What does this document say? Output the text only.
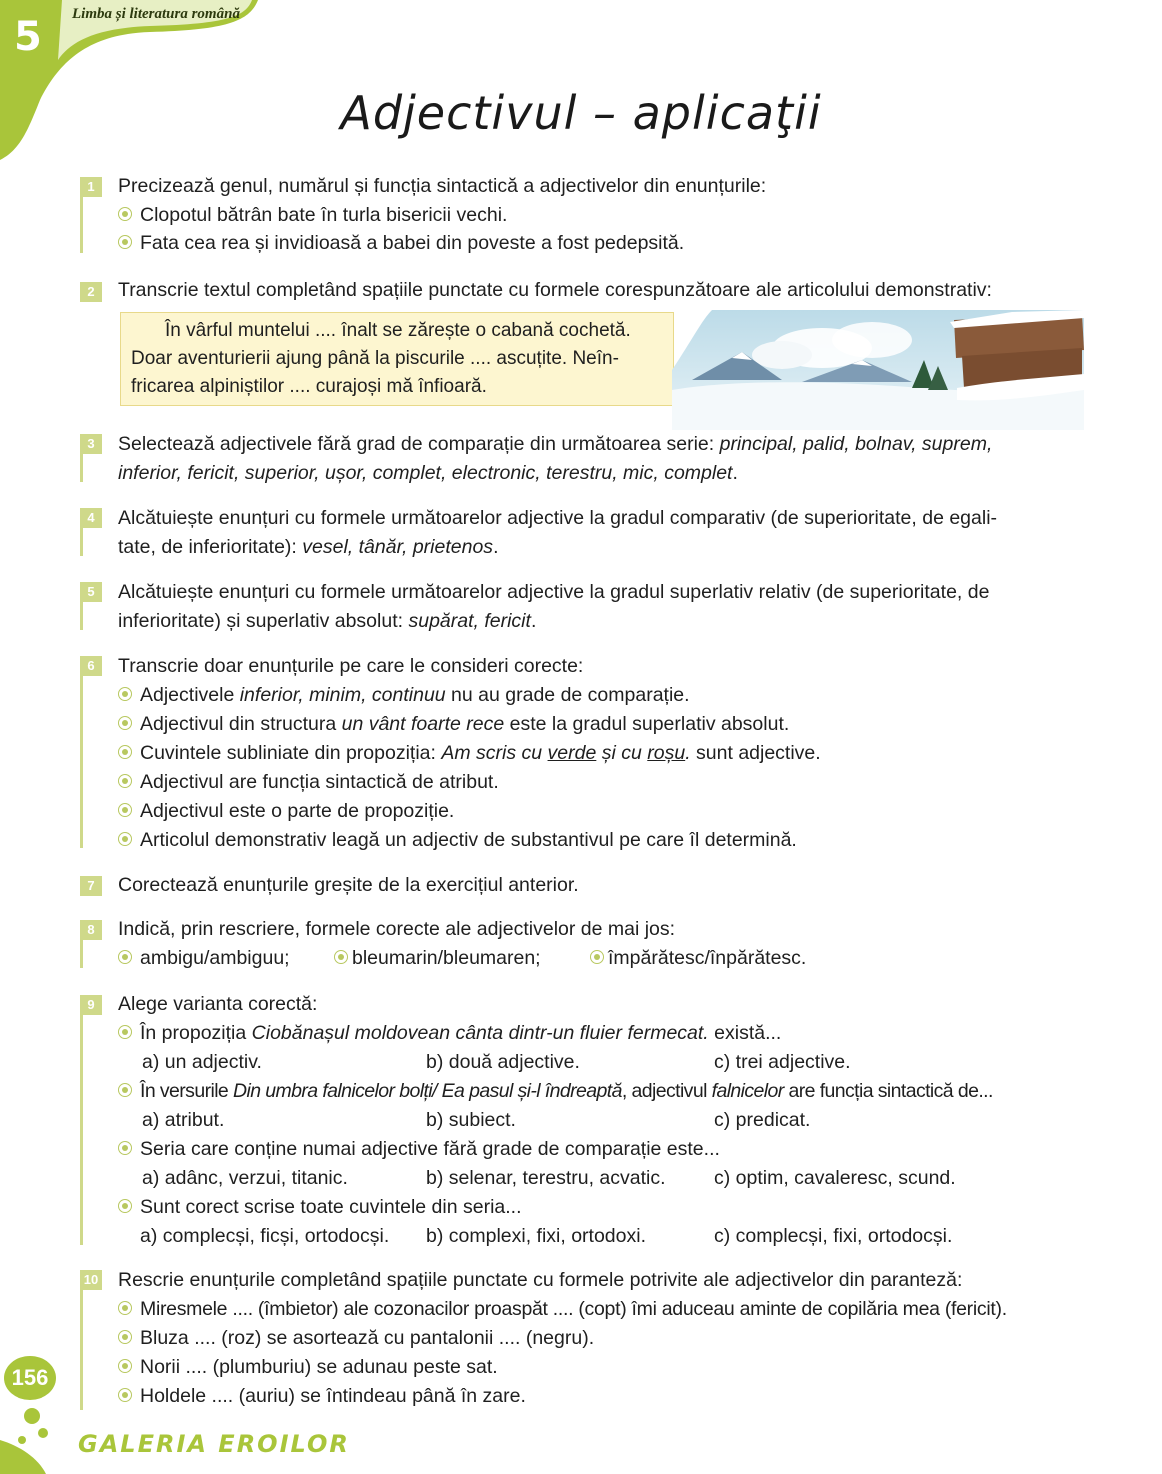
5 Limba și literatura română
Adjectivul – aplicaţii
1	Precizează genul, numărul și funcția sintactică a adjectivelor din enunțurile:
Clopotul bătrân bate în turla bisericii vechi.
Fata cea rea și invidioasă a babei din poveste a fost pedepsită.
2	Transcrie textul completând spațiile punctate cu formele corespunzătoare ale articolului demonstrativ:
În vârful muntelui .... înalt se zărește o cabană cochetă.
Doar aventurierii ajung până la piscurile .... ascuțite. Neîn-
fricarea alpiniștilor .... curajoși mă înfioară.
3	Selectează adjectivele fără grad de comparație din următoarea serie: principal, palid, bolnav, suprem,
inferior, fericit, superior, ușor, complet, electronic, terestru, mic, complet.
4	Alcătuiește enunțuri cu formele următoarelor adjective la gradul comparativ (de superioritate, de egali-
tate, de inferioritate): vesel, tânăr, prietenos.
5	Alcătuiește enunțuri cu formele următoarelor adjective la gradul superlativ relativ (de superioritate, de
inferioritate) și superlativ absolut: supărat, fericit.
6	Transcrie doar enunțurile pe care le consideri corecte:
Adjectivele inferior, minim, continuu nu au grade de comparație.
Adjectivul din structura un vânt foarte rece este la gradul superlativ absolut.
Cuvintele subliniate din propoziția: Am scris cu verde și cu roșu. sunt adjective.
Adjectivul are funcția sintactică de atribut.
Adjectivul este o parte de propoziție.
Articolul demonstrativ leagă un adjectiv de substantivul pe care îl determină.
7	Corectează enunțurile greșite de la exercițiul anterior.
8	Indică, prin rescriere, formele corecte ale adjectivelor de mai jos:
ambigu/ambiguu;	bleumarin/bleumaren;	împărătesc/înpărătesc.
9	Alege varianta corectă:
În propoziția Ciobănașul moldovean cânta dintr-un fluier fermecat. există...
a) un adjectiv.	b) două adjective.	c) trei adjective.
În versurile Din umbra falnicelor bolți/ Ea pasul și-l îndreaptă, adjectivul falnicelor are funcția sintactică de...
a) atribut.	b) subiect.	c) predicat.
Seria care conține numai adjective fără grade de comparație este...
a) adânc, verzui, titanic.	b) selenar, terestru, acvatic. c) optim, cavaleresc, scund.
Sunt corect scrise toate cuvintele din seria...
a) complecși, ficși, ortodocși. b) complexi, fixi, ortodoxi.	c) complecși, fixi, ortodocși.
10 Rescrie enunțurile completând spațiile punctate cu formele potrivite ale adjectivelor din paranteză:
Miresmele .... (îmbietor) ale cozonacilor proaspăt .... (copt) îmi aduceau aminte de copilăria mea (fericit).
Bluza .... (roz) se asortează cu pantalonii .... (negru).
Norii .... (plumburiu) se adunau peste sat.
Holdele .... (auriu) se întindeau până în zare.
156
GALERIA EROILOR
